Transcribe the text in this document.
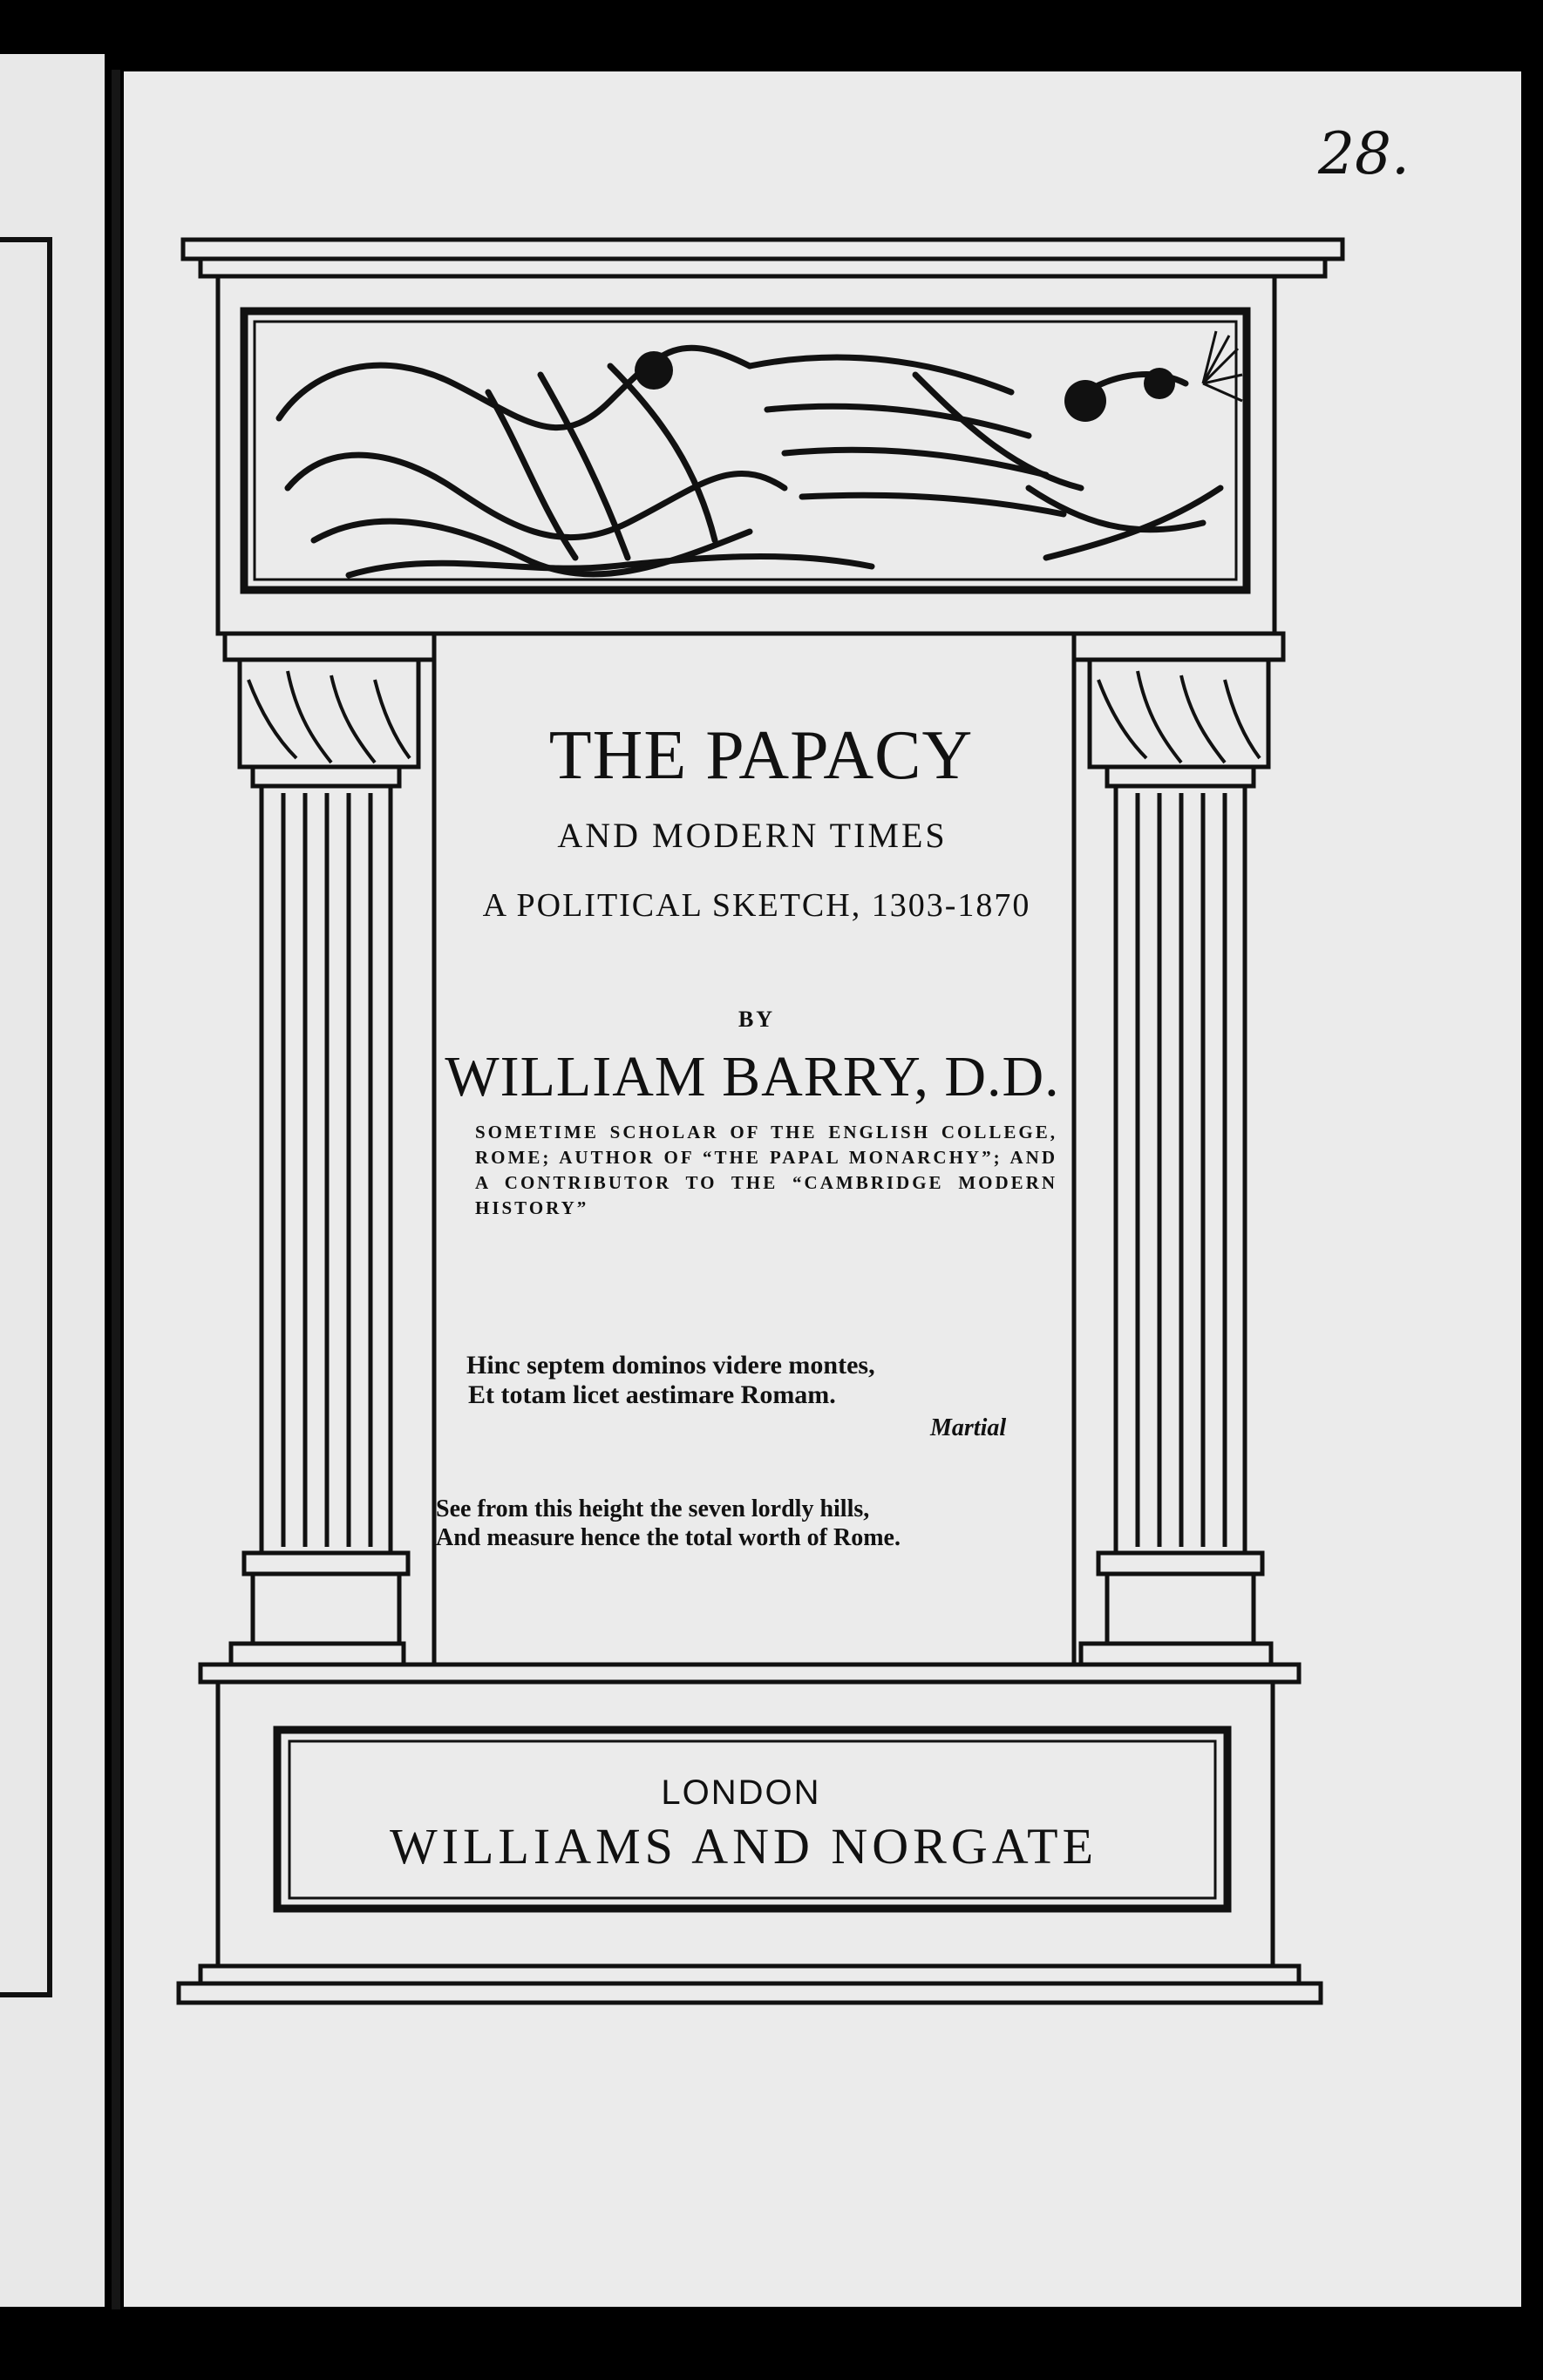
28.
THE PAPACY
AND MODERN TIMES
A POLITICAL SKETCH, 1303-1870
BY
WILLIAM BARRY, D.D.
SOMETIME SCHOLAR OF THE ENGLISH COLLEGE, ROME; AUTHOR OF “THE PAPAL MONARCHY”; AND A CONTRIBUTOR TO THE “CAMBRIDGE MODERN HISTORY”
Hinc septem dominos videre montes,
Et totam licet aestimare Romam.
Martial
See from this height the seven lordly hills,
And measure hence the total worth of Rome.
LONDON
WILLIAMS AND NORGATE
